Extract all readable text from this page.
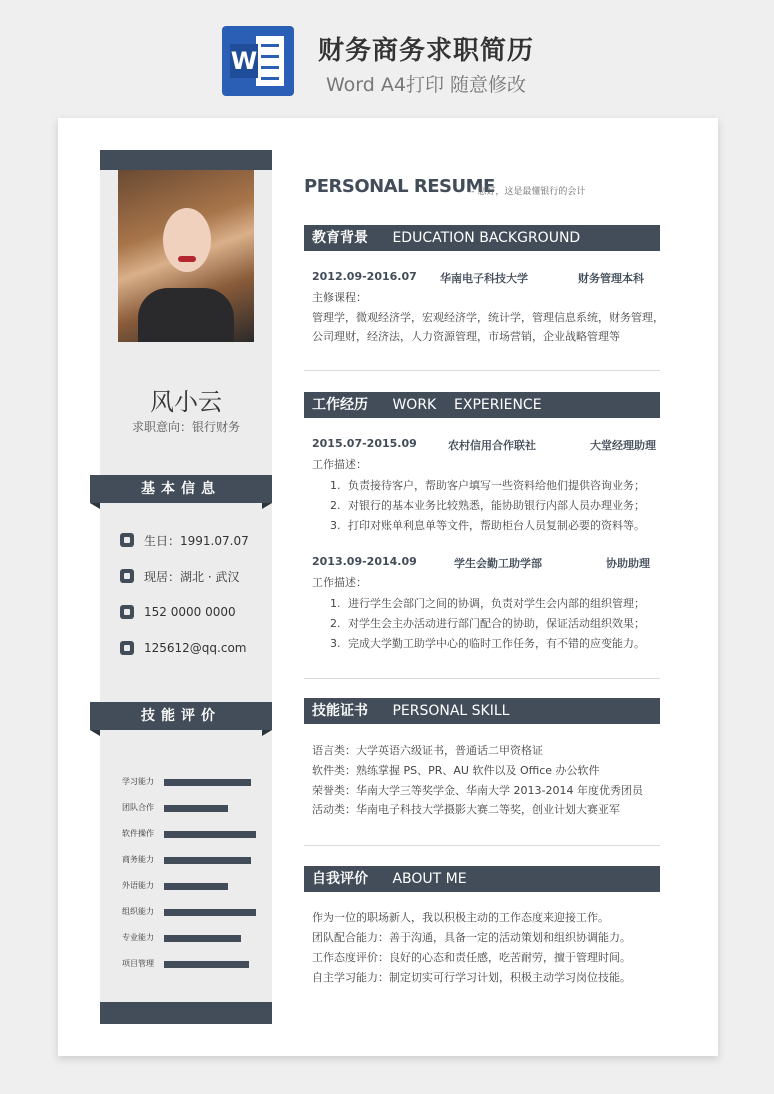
W 财务商务求职简历
Word A4打印 随意修改
风小云
求职意向：银行财务
基本信息
生日：1991.07.07
现居：湖北 · 武汉
152 0000 0000
125612@qq.com
技能评价
学习能力
团队合作
软件操作
商务能力
外语能力
组织能力
专业能力
项目管理
PERSONAL RESUME
-- 您好，这是最懂银行的会计
教育背景 EDUCATION BACKGROUND
2012.09-2016.07 华南电子科技大学	财务管理本科
主修课程：
管理学，微观经济学，宏观经济学，统计学，管理信息系统，财务管理，
公司理财，经济法，人力资源管理，市场营销，企业战略管理等
工作经历 WORK    EXPERIENCE
2015.07-2015.09	农村信用合作联社	大堂经理助理
工作描述：
1. 负责接待客户，帮助客户填写一些资料给他们提供咨询业务；
2. 对银行的基本业务比较熟悉，能协助银行内部人员办理业务；
3. 打印对账单利息单等文件，帮助柜台人员复制必要的资料等。
2013.09-2014.09	学生会勤工助学部	协助助理
工作描述：
1. 进行学生会部门之间的协调，负责对学生会内部的组织管理；
2. 对学生会主办活动进行部门配合的协助，保证活动组织效果；
3. 完成大学勤工助学中心的临时工作任务，有不错的应变能力。
技能证书 PERSONAL SKILL
语言类：大学英语六级证书，普通话二甲资格证
软件类：熟练掌握 PS、PR、AU 软件以及 Office 办公软件
荣誉类：华南大学三等奖学金、华南大学 2013-2014 年度优秀团员
活动类：华南电子科技大学摄影大赛二等奖，创业计划大赛亚军
自我评价 ABOUT ME
作为一位的职场新人，我以积极主动的工作态度来迎接工作。
团队配合能力：善于沟通，具备一定的活动策划和组织协调能力。
工作态度评价：良好的心态和责任感，吃苦耐劳，擅于管理时间。
自主学习能力：制定切实可行学习计划，积极主动学习岗位技能。
